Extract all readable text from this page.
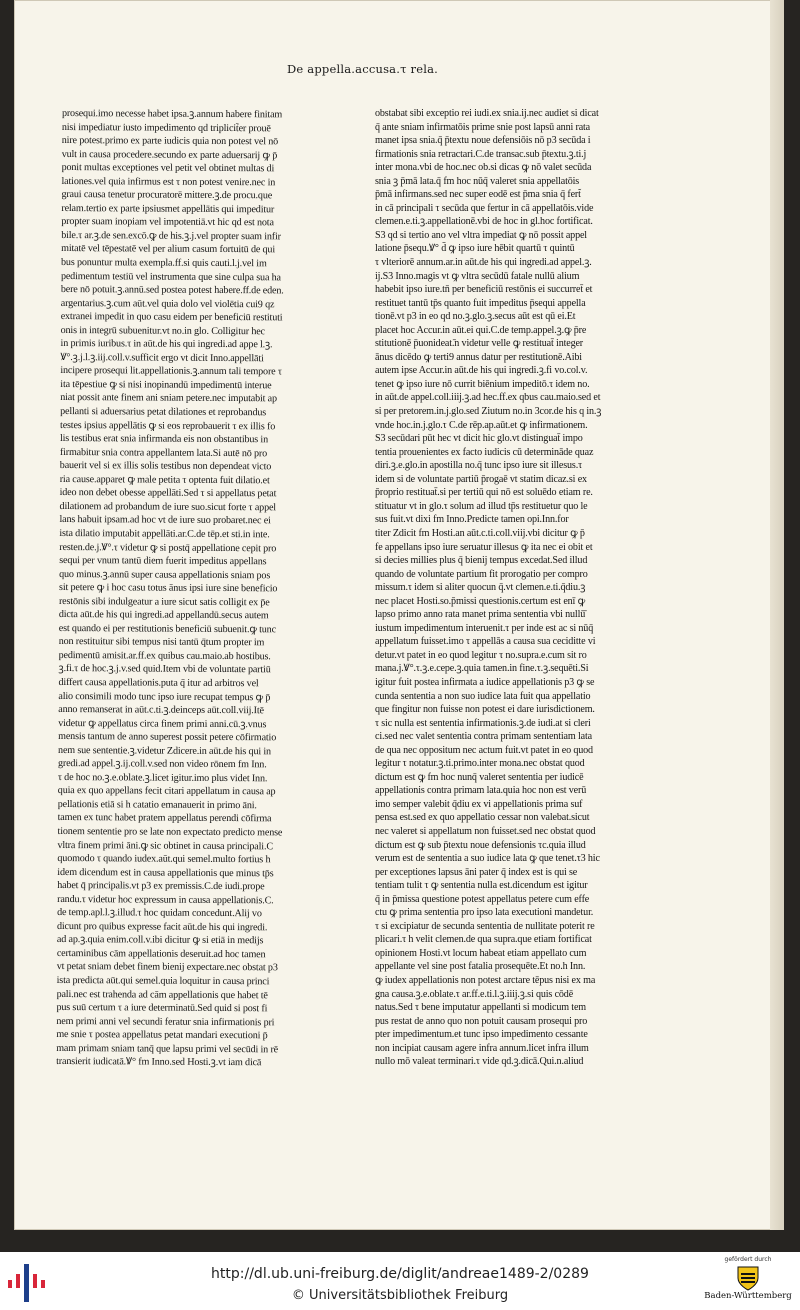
De appella.accusa.τ rela.
prosequi.imo necesse habet ipsa.ꝫ.annum habere finitam
nisi impediatur iusto impedimento qd triplicit̃er prouē
nire potest.primo ex parte iudicis quia non potest vel nō
vult in causa procedere.secundo ex parte aduersarij ꝙ p̄
ponit multas exceptiones vel petit vel obtinet multas di
lationes.vel quia infirmus est τ non potest venire.nec in
graui causa tenetur procuratorē mittere.ꝫ.de procu.que
relam.tertio ex parte ipsiusmet appellātis qui impeditur
propter suam inopiam vel impotentiā.vt hic qd est nota
bile.τ ar.ꝫ.de sen.excō.ꝙ de his.ꝫ.j.vel propter suam infir
mitatē vel tēpestatē vel per alium casum fortuitū de qui
bus ponuntur multa exempla.ff.si quis cauti.l.j.vel im
pedimentum testiū vel instrumenta que sine culpa sua ha
bere nō potuit.ꝫ.annū.sed postea potest habere.ff.de eden.
argentarius.ꝫ.cum aūt.vel quia dolo vel violētia cui9 qz
extranei impedit in quo casu eidem per beneficiū restituti
onis in integrū subuenitur.vt no.in glo. Colligitur hec
in primis iuribus.τ in aūt.de his qui ingredi.ad appe l.ꝫ.
Ꝟ°.ꝫ.j.l.ꝫ.iij.coll.v.sufficit ergo vt dicit Inno.appellāti
incipere prosequi lit.appellationis.ꝫ.annum tali tempore τ
ita tēpestiue ꝙ si nisi inopinandū impedimentū interue
niat possit ante finem ani sniam petere.nec imputabit ap
pellanti si aduersarius petat dilationes et reprobandus
testes ipsius appellātis ꝙ si eos reprobauerit τ ex illis fo
lis testibus erat snia infirmanda eis non obstantibus in
firmabitur snia contra appellantem lata.Si autē nō pro
bauerit vel si ex illis solis testibus non dependeat victo
ria cause.apparet ꝙ male petita τ optenta fuit dilatio.et
ideo non debet obesse appellāti.Sed τ si appellatus petat
dilationem ad probandum de iure suo.sicut forte τ appel
lans habuit ipsam.ad hoc vt de iure suo probaret.nec ei
ista dilatio imputabit appellāti.ar.C.de tēp.et sti.in inte.
resten.de.j.Ꝟ°.τ videtur ꝙ si postq̄ appellatione cepit pro
sequi per vnum tantū diem fuerit impeditus appellans
quo minus.ꝫ.annū super causa appellationis sniam pos
sit petere ꝙ i hoc casu totus ānus ipsi iure sine beneficio
restōnis sibi indulgeatur a iure sicut satis colligit ex p̄e
dicta aūt.de his qui ingredi.ad appellandū.secus autem
est quando ei per restitutionis beneficiū subuenit.ꝙ tunc
non restituitur sibi tempus nisi tantū q̄tum propter im
pedimentū amisit.ar.ff.ex quibus cau.maio.ab hostibus.
ꝫ.fi.τ de hoc.ꝫ.j.v.sed quid.Item vbi de voluntate partiū
differt causa appellationis.puta q̄ itur ad arbitros vel
alio consimili modo tunc ipso iure recupat tempus ꝙ p̄
anno remanserat in aūt.c.ti.ꝫ.deinceps aūt.coll.viij.Itē
videtur ꝙ appellatus circa finem primi anni.cū.ꝫ.vnus
mensis tantum de anno superest possit petere cōfirmatio
nem sue sententie.ꝫ.videtur Zdicere.in aūt.de his qui in
gredi.ad appel.ꝫ.ij.coll.v.sed non video rōnem fm Inn.
τ de hoc no.ꝫ.e.oblate.ꝫ.licet igitur.imo plus videt Inn.
quia ex quo appellans fecit citari appellatum in causa ap
pellationis etiā si h catatio emanauerit in primo āni.
tamen ex tunc habet pratem appellatus perendi cōfirma
tionem sententie pro se late non expectato predicto mense
vltra finem primi āni.ꝙ sic obtinet in causa principali.C
quomodo τ quando iudex.aūt.qui semel.multo fortius h
idem dicendum est in causa appellationis que minus tp̄s
habet q̄ principalis.vt p3 ex premissis.C.de iudi.prope
randu.τ videtur hoc expressum in causa appellationis.C.
de temp.apl.l.ꝫ.illud.τ hoc quidam concedunt.Alij vo
dicunt pro quibus expresse facit aūt.de his qui ingredi.
ad ap.ꝫ.quia enim.coll.v.ibi dicitur ꝙ si etiā in medijs
certaminibus cām appellationis deseruit.ad hoc tamen
vt petat sniam debet finem bienij expectare.nec obstat p3
ista predicta aūt.qui semel.quia loquitur in causa princi
pali.nec est trahenda ad cām appellationis que habet tē
pus suū certum τ a iure determinatū.Sed quid si post fi
nem primi anni vel secundi feratur snia infirmationis pri
me snie τ postea appellatus petat mandari executioni p̄
mam primam sniam tanq̄ que lapsu primi vel secūdi in rē
transierit iudicatā.Ꝟ° fm Inno.sed Hosti.ꝫ.vt iam dicā
obstabat sibi exceptio rei iudi.ex snia.ij.nec audiet si dicat
q̄ ante sniam infirmatōis prime snie post lapsū anni rata
manet ipsa snia.q̄ p̄textu noue defensiōis nō p3 secūda i
firmationis snia retractari.C.de transac.sub p̄textu.ꝫ.ti.j
inter mona.vbi de hoc.nec ob.si dicas ꝙ nō valet secūda
snia ꝫ p̄mā lata.q̄ fm hoc nūq̄ valeret snia appellatōis
p̄mā infirmans.sed nec super eodē est p̄ma snia q̄ fert̃
in cā principali τ secūda que fertur in cā appellatōis.vide
clemen.e.ti.ꝫ.appellationē.vbi de hoc in gl.hoc fortificat.
S3 qd si tertio ano vel vltra impediat ꝙ nō possit appel
latione p̄sequ.Ꝟ° d̄ ꝙ ipso iure hēbit quartū τ quintū
τ vlteriorē annum.ar.in aūt.de his qui ingredi.ad appel.ꝫ.
ij.S3 Inno.magis vt ꝙ vltra secūdū fatale nullū alium
habebit ipso iure.tn̄ per beneficiū restōnis ei succurret̄ et
restituet tantū tp̄s quanto fuit impeditus p̄sequi appella
tionē.vt p3 in eo qd no.ꝫ.glo.ꝫ.secus aūt est qū ei.Et
placet hoc Accur.in aūt.ei qui.C.de temp.appel.ꝫ.ꝙ p̄re
stitutionē p̄uonideat.̄n videtur velle ꝙ restituat̄ integer
ānus dicēdo ꝙ terti9 annus datur per restitutionē.Aibi
autem ipse Accur.in aūt.de his qui ingredi.ꝫ.fi vo.col.v.
tenet ꝙ ipso iure nō currit biēnium impeditō.τ idem no.
in aūt.de appel.coll.iiij.ꝫ.ad hec.ff.ex qbus cau.maio.sed et
si per pretorem.in.j.glo.sed Ziutum no.in 3cor.de his q in.ꝫ
vnde hoc.in.j.glo.τ C.de rēp.ap.aūt.et ꝙ infirmationem.
S3 secūdari pūt hec vt dicit hic glo.vt distinguat̄ impo
tentia prouenientes ex facto iudicis cū determināde quaz
diri.ꝫ.e.glo.in apostilla no.q̄ tunc ipso iure sit illesus.τ
idem si de voluntate partiū p̄rogaē vt statim dicaz.si ex
p̄roprio restituat̄.si per tertiū qui nō est soluēdo etiam re.
stituatur vt in glo.τ solum ad illud tp̄s restituetur quo le
sus fuit.vt dixi fm Inno.Predicte tamen opi.Inn.for
titer Zdicit fm Hosti.an aūt.c.ti.coll.viij.vbi dicitur ꝙ p̄
fe appellans ipso iure seruatur illesus ꝙ ita nec ei obit et
si decies millies plus q̄ bienij tempus excedat.Sed illud
quando de voluntate partium fit prorogatio per compro
missum.τ idem si aliter quocun q̄.vt clemen.e.ti.q̄diu.ꝫ
nec placet Hosti.so.p̄missi questionis.certum est enī ꝙ
lapso primo anno rata manet prima sententia vbi nullū̄
iustum impedimentum interuenit.τ per inde est ac si nūq̄
appellatum fuisset.imo τ appellās a causa sua ceciditte vi
detur.vt patet in eo quod legitur τ no.supra.e.cum sit ro
mana.j.Ꝟ°.τ.ꝫ.e.cepe.ꝫ.quia tamen.in fine.τ.ꝫ.sequēti.Si
igitur fuit postea infirmata a iudice appellationis p3 ꝙ se
cunda sententia a non suo iudice lata fuit qua appellatio
que fingitur non fuisse non potest ei dare iurisdictionem.
τ sic nulla est sententia infirmationis.ꝫ.de iudi.at si cleri
ci.sed nec valet sententia contra primam sententiam lata
de qua nec oppositum nec actum fuit.vt patet in eo quod
legitur τ notatur.ꝫ.ti.primo.inter mona.nec obstat quod
dictum est ꝙ fm hoc nunq̄ valeret sententia per iudicē
appellationis contra primam lata.quia hoc non est verū
imo semper valebit q̄diu ex vi appellationis prima suf
pensa est.sed ex quo appellatio cessar non valebat.sicut
nec valeret si appellatum non fuisset.sed nec obstat quod
dictum est ꝙ sub p̄textu noue defensionis τc.quia illud
verum est de sententia a suo iudice lata ꝙ que tenet.τ3 hic
per exceptiones lapsus āni pater q̄ index est is qui se
tentiam tulit τ ꝙ sententia nulla est.dicendum est igitur
q̄ in p̄missa questione potest appellatus petere cum effe
ctu ꝙ prima sententia pro ipso lata executioni mandetur.
τ si excipiatur de secunda sententia de nullitate poterit re
plicari.τ h velit clemen.de qua supra.que etiam fortificat
opinionem Hosti.vt locum habeat etiam appellato cum
appellante vel sine post fatalia prosequēte.Et no.h Inn.
ꝙ iudex appellationis non potest arctare tēpus nisi ex ma
gna causa.ꝫ.e.oblate.τ ar.ff.e.ti.l.ꝫ.iiij.ꝫ.si quis cōdē
natus.Sed τ bene imputatur appellanti si modicum tem
pus restat de anno quo non potuit causam prosequi pro
pter impedimentum.et tunc ipso impedimento cessante
non incipiat causam agere infra annum.licet infra illum
nullo mō valeat terminari.τ vide qd.ꝫ.dicā.Qui.n.aliud
http://dl.ub.uni-freiburg.de/diglit/andreae1489-2/0289
© Universitätsbibliothek Freiburg
gefördert durch
Baden-Württemberg
